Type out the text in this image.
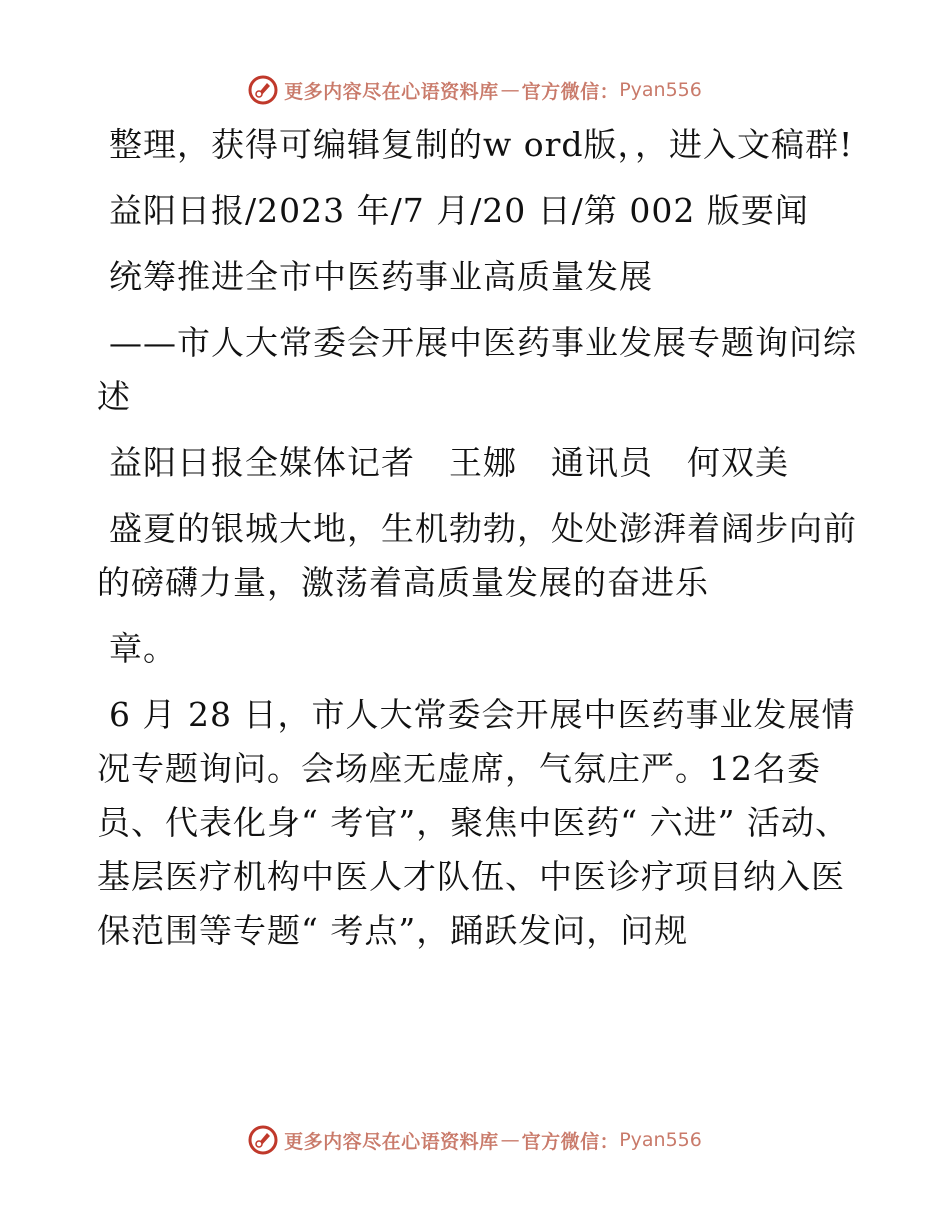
更多内容尽在心语资料库 — 官方微信： Pyan556

整理，获得可编辑复制的w ord版，，进入文稿群!

益阳日报/2023 年/7 月/20 日/第 002 版要闻

统筹推进全市中医药事业高质量发展

——市人大常委会开展中医药事业发展专题询问综述

益阳日报全媒体记者　王娜　通讯员　何双美

盛夏的银城大地，生机勃勃，处处澎湃着阔步向前的磅礴力量，激荡着高质量发展的奋进乐

章。

6 月 28 日，市人大常委会开展中医药事业发展情况专题询问。会场座无虚席，气氛庄严。12名委员、代表化身“ 考官”，聚焦中医药“ 六进” 活动、基层医疗机构中医人才队伍、中医诊疗项目纳入医保范围等专题“ 考点”，踊跃发问，问规

更多内容尽在心语资料库 — 官方微信： Pyan556
